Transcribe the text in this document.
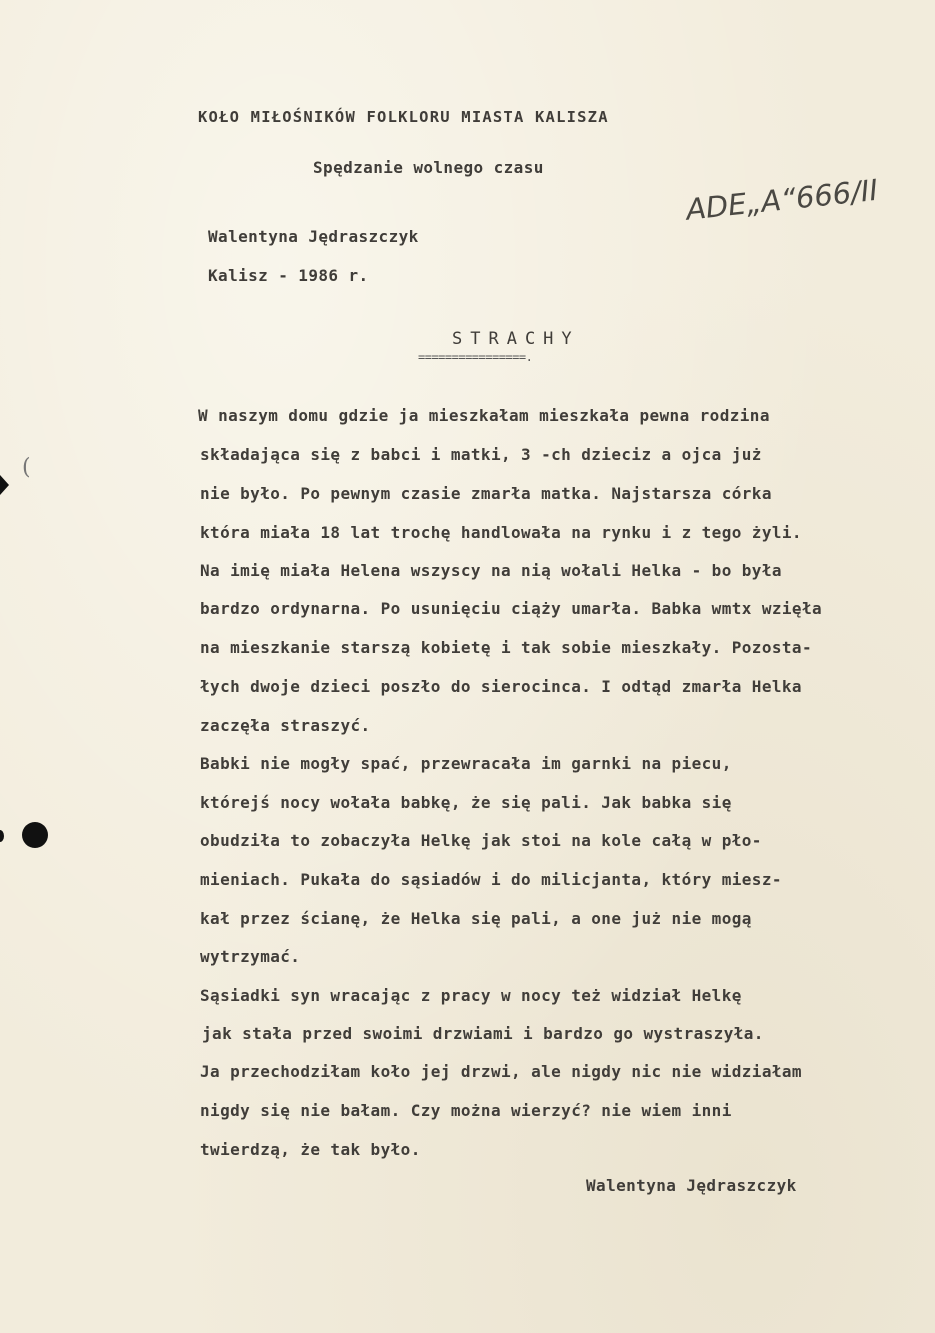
KOŁO MIŁOŚNIKÓW FOLKLORU MIASTA KALISZA
Spędzanie wolnego czasu
ADE„A“666/II
Walentyna Jędraszczyk
Kalisz - 1986 r.
STRACHY
================.
W naszym domu gdzie ja mieszkałam mieszkała pewna rodzina
składająca się z babci i matki, 3 -ch dzieciz a ojca już
nie było. Po pewnym czasie zmarła matka. Najstarsza córka
która miała 18 lat trochę handlowała na rynku i z tego żyli.
Na imię miała Helena wszyscy na nią wołali Helka - bo była
bardzo ordynarna. Po usunięciu ciąży umarła. Babka wmtx wzięła
na mieszkanie starszą kobietę i tak sobie mieszkały. Pozosta-
łych dwoje dzieci poszło do sierocinca. I odtąd zmarła Helka
zaczęła straszyć.
Babki nie mogły spać, przewracała im garnki na piecu,
którejś nocy wołała babkę, że się pali. Jak babka się
obudziła to zobaczyła Helkę jak stoi na kole całą w pło-
mieniach. Pukała do sąsiadów i do milicjanta, który miesz-
kał przez ścianę, że Helka się pali, a one już nie mogą
wytrzymać.
Sąsiadki syn wracając z pracy w nocy też widział Helkę
jak stała przed swoimi drzwiami i bardzo go wystraszyła.
Ja przechodziłam koło jej drzwi, ale nigdy nic nie widziałam
nigdy się nie bałam. Czy można wierzyć? nie wiem inni
twierdzą, że tak było.
Walentyna Jędraszczyk
(
